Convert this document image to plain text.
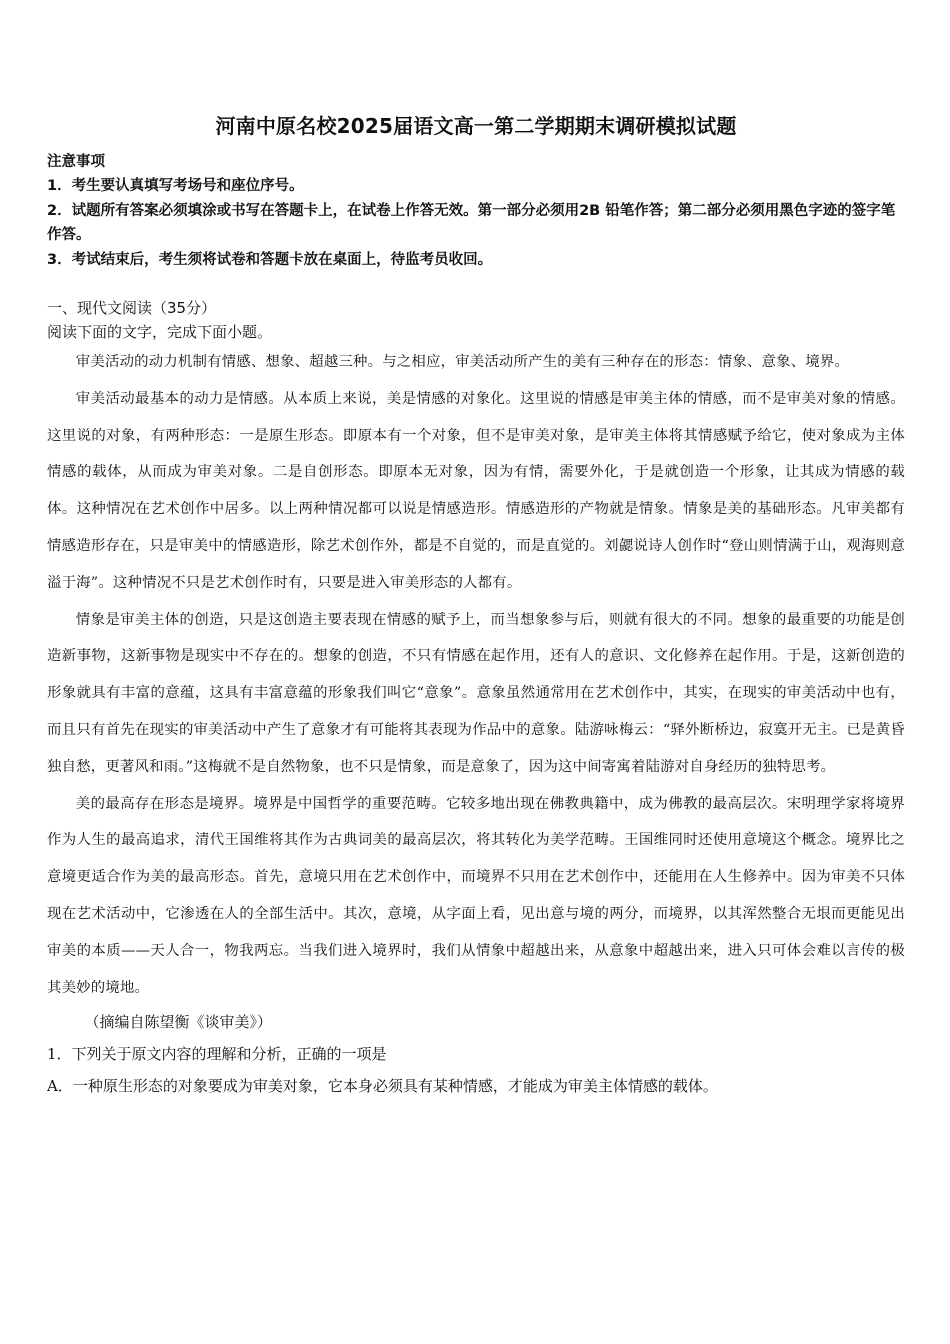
河南中原名校2025届语文高一第二学期期末调研模拟试题
注意事项
1．考生要认真填写考场号和座位序号。
2．试题所有答案必须填涂或书写在答题卡上，在试卷上作答无效。第一部分必须用2B 铅笔作答；第二部分必须用黑色字迹的签字笔作答。
3．考试结束后，考生须将试卷和答题卡放在桌面上，待监考员收回。
一、现代文阅读（35分）
阅读下面的文字，完成下面小题。

审美活动的动力机制有情感、想象、超越三种。与之相应，审美活动所产生的美有三种存在的形态：情象、意象、境界。

审美活动最基本的动力是情感。从本质上来说，美是情感的对象化。这里说的情感是审美主体的情感，而不是审美对象的情感。这里说的对象，有两种形态：一是原生形态。即原本有一个对象，但不是审美对象，是审美主体将其情感赋予给它，使对象成为主体情感的载体，从而成为审美对象。二是自创形态。即原本无对象，因为有情，需要外化，于是就创造一个形象，让其成为情感的载体。这种情况在艺术创作中居多。以上两种情况都可以说是情感造形。情感造形的产物就是情象。情象是美的基础形态。凡审美都有情感造形存在，只是审美中的情感造形，除艺术创作外，都是不自觉的，而是直觉的。刘勰说诗人创作时“登山则情满于山，观海则意溢于海”。这种情况不只是艺术创作时有，只要是进入审美形态的人都有。

情象是审美主体的创造，只是这创造主要表现在情感的赋予上，而当想象参与后，则就有很大的不同。想象的最重要的功能是创造新事物，这新事物是现实中不存在的。想象的创造，不只有情感在起作用，还有人的意识、文化修养在起作用。于是，这新创造的形象就具有丰富的意蕴，这具有丰富意蕴的形象我们叫它“意象”。意象虽然通常用在艺术创作中，其实，在现实的审美活动中也有，而且只有首先在现实的审美活动中产生了意象才有可能将其表现为作品中的意象。陆游咏梅云：“驿外断桥边，寂寞开无主。已是黄昏独自愁，更著风和雨。”这梅就不是自然物象，也不只是情象，而是意象了，因为这中间寄寓着陆游对自身经历的独特思考。

美的最高存在形态是境界。境界是中国哲学的重要范畴。它较多地出现在佛教典籍中，成为佛教的最高层次。宋明理学家将境界作为人生的最高追求，清代王国维将其作为古典词美的最高层次，将其转化为美学范畴。王国维同时还使用意境这个概念。境界比之意境更适合作为美的最高形态。首先，意境只用在艺术创作中，而境界不只用在艺术创作中，还能用在人生修养中。因为审美不只体现在艺术活动中，它渗透在人的全部生活中。其次，意境，从字面上看，见出意与境的两分，而境界，以其浑然整合无垠而更能见出审美的本质——天人合一，物我两忘。当我们进入境界时，我们从情象中超越出来，从意象中超越出来，进入只可体会难以言传的极其美妙的境地。

（摘编自陈望衡《谈审美》）

1．下列关于原文内容的理解和分析，正确的一项是

A．一种原生形态的对象要成为审美对象，它本身必须具有某种情感，才能成为审美主体情感的载体。
